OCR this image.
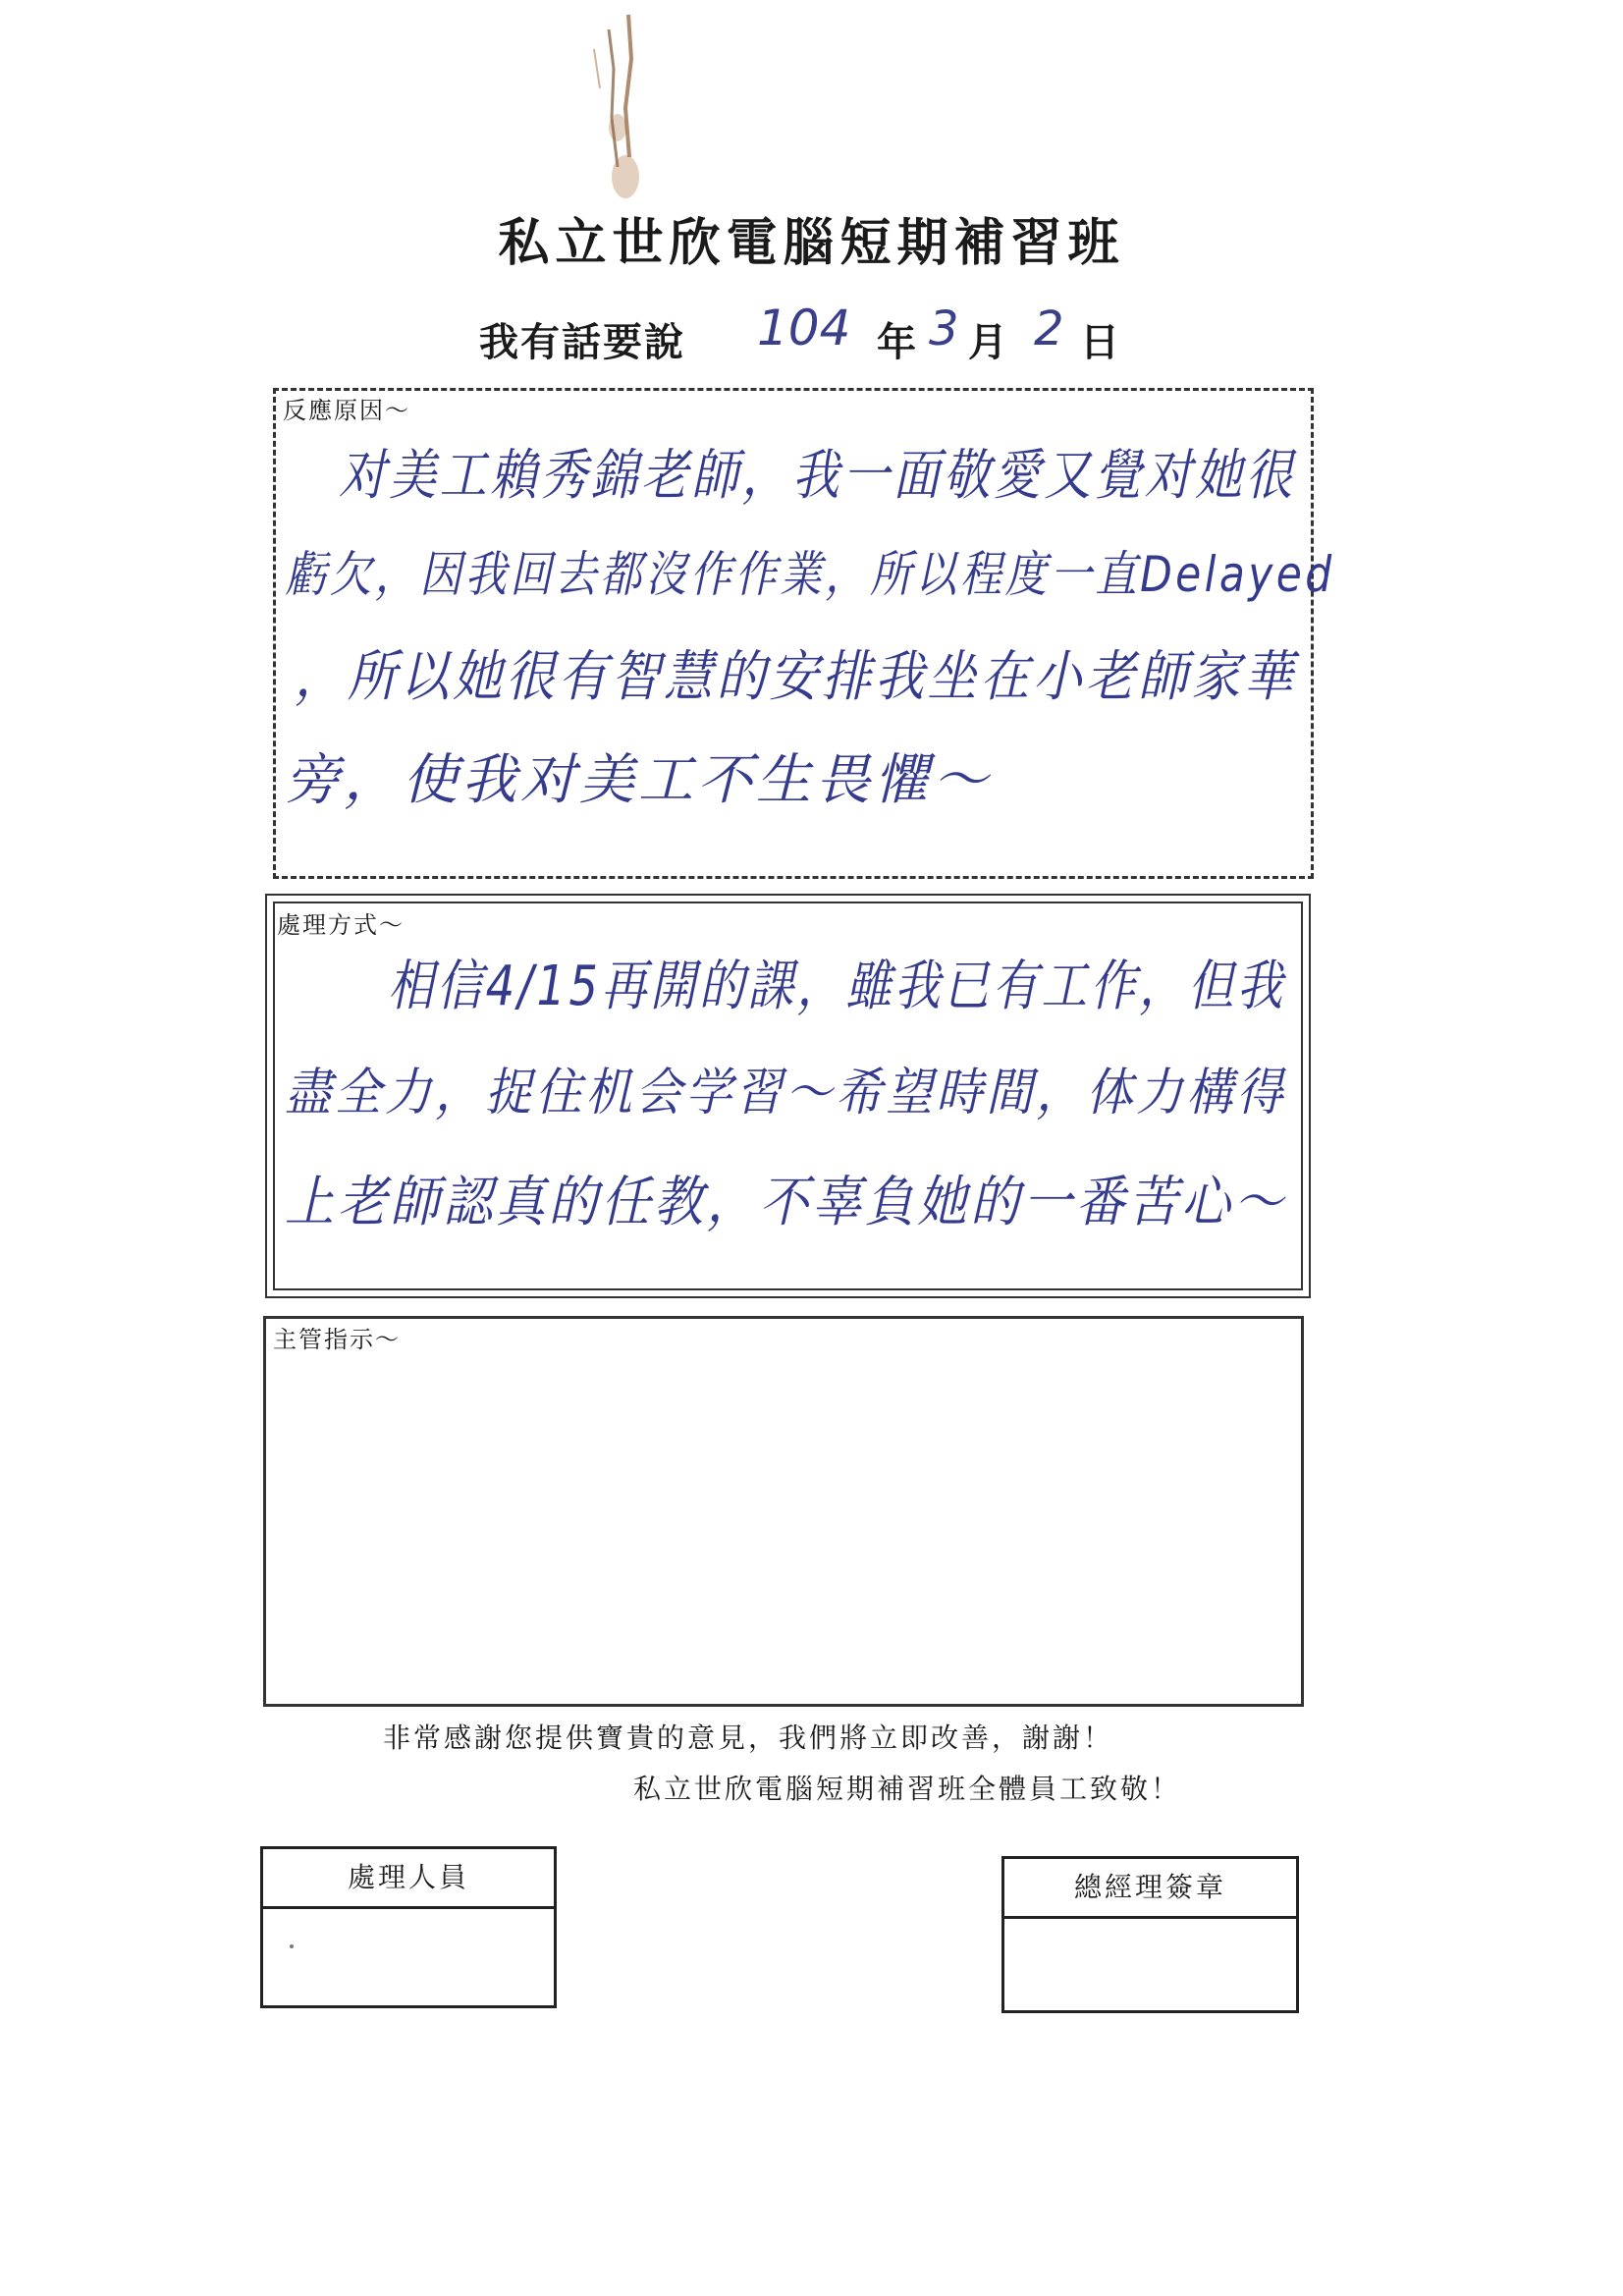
私立世欣電腦短期補習班
我有話要說 104 年 3 月 2 日
反應原因～
对美工賴秀錦老師，我一面敬愛又覺对她很
虧欠，因我回去都沒作作業，所以程度一直Delayed
，所以她很有智慧的安排我坐在小老師家華
旁，使我对美工不生畏懼～
處理方式～
相信4/15再開的課，雖我已有工作，但我
盡全力，捉住机会学習～希望時間，体力構得
上老師認真的任教，不辜負她的一番苦心～
主管指示～
非常感謝您提供寶貴的意見，我們將立即改善，謝謝！
私立世欣電腦短期補習班全體員工致敬！
處理人員	總經理簽章
